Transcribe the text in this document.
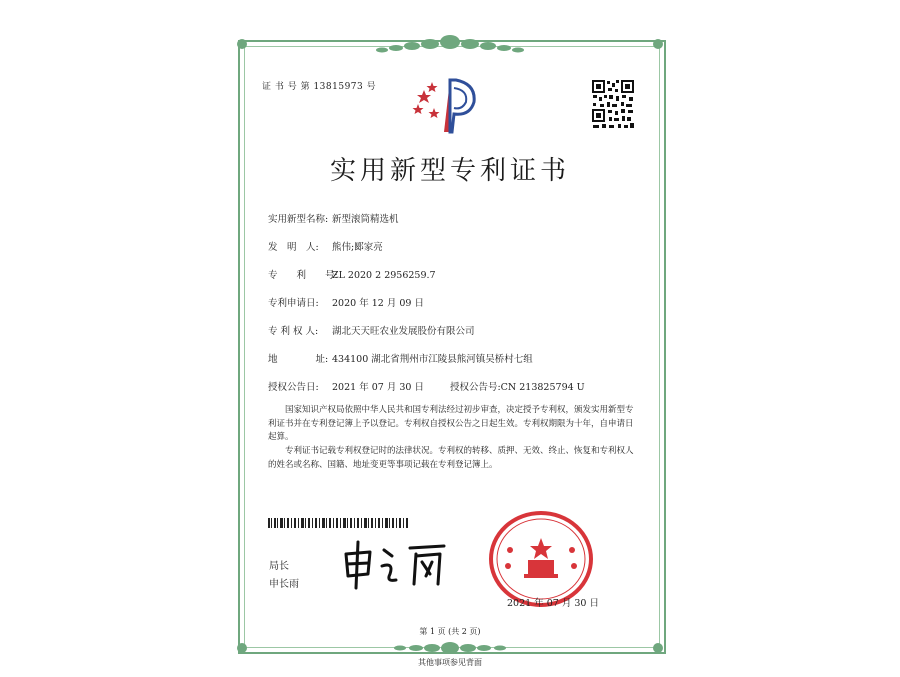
证 书 号 第 13815973 号
实用新型专利证书
实用新型名称: 新型滚筒精选机
发　明　人: 熊伟;郾家亮
专　　利　　号:ZL 2020 2 2956259.7
专利申请日: 2020 年 12 月 09 日
专 利 权 人: 湖北天天旺农业发展股份有限公司
地　　　　址: 434100 湖北省荆州市江陵县熊河镇吴桥村七组
授权公告日: 2021 年 07 月 30 日	授权公告号:CN 213825794 U
　　国家知识产权局依照中华人民共和国专利法经过初步审查，决定授予专利权，颁发实用新型专利证书并在专利登记簿上予以登记。专利权自授权公告之日起生效。专利权期限为十年，自申请日起算。
　　专利证书记载专利权登记时的法律状况。专利权的转移、质押、无效、终止、恢复和专利权人的姓名或名称、国籍、地址变更等事项记载在专利登记簿上。
局长
申长雨
2021 年 07 月 30 日
第 1 页 (共 2 页)
其他事项参见背面
